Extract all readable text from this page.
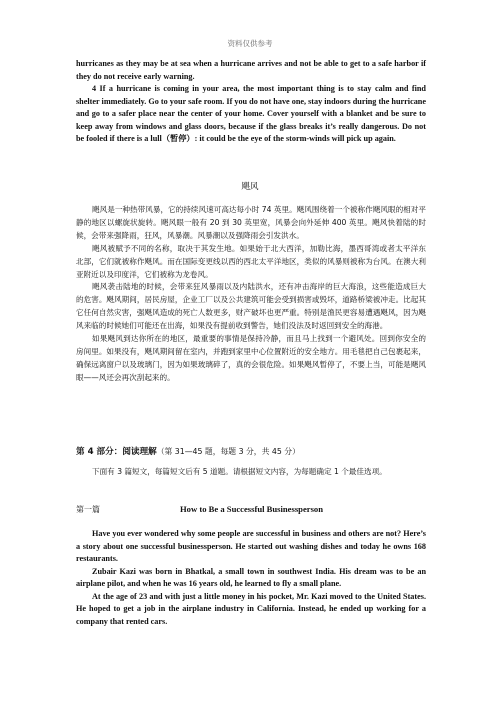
资料仅供参考

hurricanes as they may be at sea when a hurricane arrives and not be able to get to a safe harbor if they do not receive early warning.

4 If a hurricane is coming in your area, the most important thing is to stay calm and find shelter immediately. Go to your safe room. If you do not have one, stay indoors during the hurricane and go to a safer place near the center of your home. Cover yourself with a blanket and be sure to keep away from windows and glass doors, because if the glass breaks it’s really dangerous. Do not be fooled if there is a lull（暂停）: it could be the eye of the storm-winds will pick up again.

飓风

飓风是一种热带风暴，它的持续风速可高达每小时 74 英里。飓风围绕着一个被称作飓风眼的相对平静的地区以螺旋状旋转。飓风眼一般有 20 到 30 英里宽，风暴会向外延伸 400 英里。飓风快着陆的时候，会带来强降雨，狂风，风暴潮。风暴潮以及强降雨会引发洪水。

飓风被赋予不同的名称，取决于其发生地。如果始于北大西洋，加勒比海，墨西哥湾或者太平洋东北部，它们就被称作飓风。而在国际变更线以西的西北太平洋地区，类似的风暴则被称为台风。在澳大利亚附近以及印度洋，它们被称为龙卷风。

飓风袭击陆地的时候，会带来狂风暴雨以及内陆洪水，还有冲击海岸的巨大海浪，这些能造成巨大的危害。飓风期间，居民房屋，企业工厂以及公共建筑可能会受到损害或毁坏，道路桥梁被冲走。比起其它任何自然灾害，强飓风造成的死亡人数更多，财产破坏也更严重。特别是渔民更容易遭遇飓风，因为飓风来临的时候她们可能还在出海，如果没有提前收到警告，她们没法及时返回到安全的海港。

如果飓风到达你所在的地区，最重要的事情是保持冷静，而且马上找到一个避风处。回到你安全的房间里。如果没有，飓风期间留在室内，并跑到家里中心位置附近的安全地方。用毛毯把自己包裹起来，确保远离窗户以及玻璃门，因为如果玻璃碎了，真的会很危险。如果飓风暂停了，不要上当，可能是飓风眼——风还会再次刮起来的。

第 4 部分：阅读理解（第 31—45 题，每题 3 分，共 45 分）

下面有 3 篇短文，每篇短文后有 5 道题。请根据短文内容，为每题确定 1 个最佳选项。

第一篇	How to Be a Successful Businessperson

Have you ever wondered why some people are successful in business and others are not? Here’s a story about one successful businessperson. He started out washing dishes and today he owns 168 restaurants.

Zubair Kazi was born in Bhatkal, a small town in southwest India. His dream was to be an airplane pilot, and when he was 16 years old, he learned to fly a small plane.

At the age of 23 and with just a little money in his pocket, Mr. Kazi moved to the United States. He hoped to get a job in the airplane industry in California. Instead, he ended up working for a company that rented cars.
